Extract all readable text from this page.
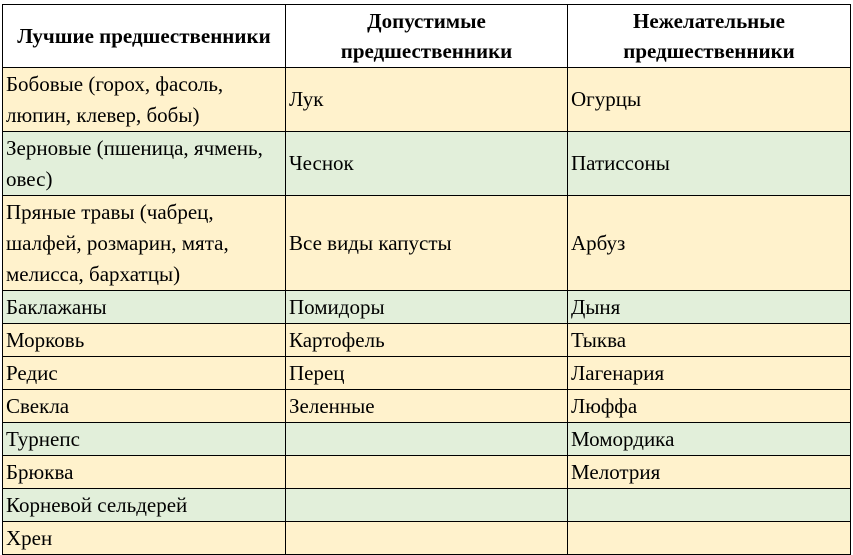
Лучшие предшественники	Допустимые предшественники	Нежелательные предшественники
Бобовые (горох, фасоль, люпин, клевер, бобы)	Лук	Огурцы
Зерновые (пшеница, ячмень, овес)	Чеснок	Патиссоны
Пряные травы (чабрец, шалфей, розмарин, мята, мелисса, бархатцы)	Все виды капусты	Арбуз
Баклажаны	Помидоры	Дыня
Морковь	Картофель	Тыква
Редис	Перец	Лагенария
Свекла	Зеленные	Люффа
Турнепс		Момордика
Брюква		Мелотрия
Корневой сельдерей		
Хрен		
